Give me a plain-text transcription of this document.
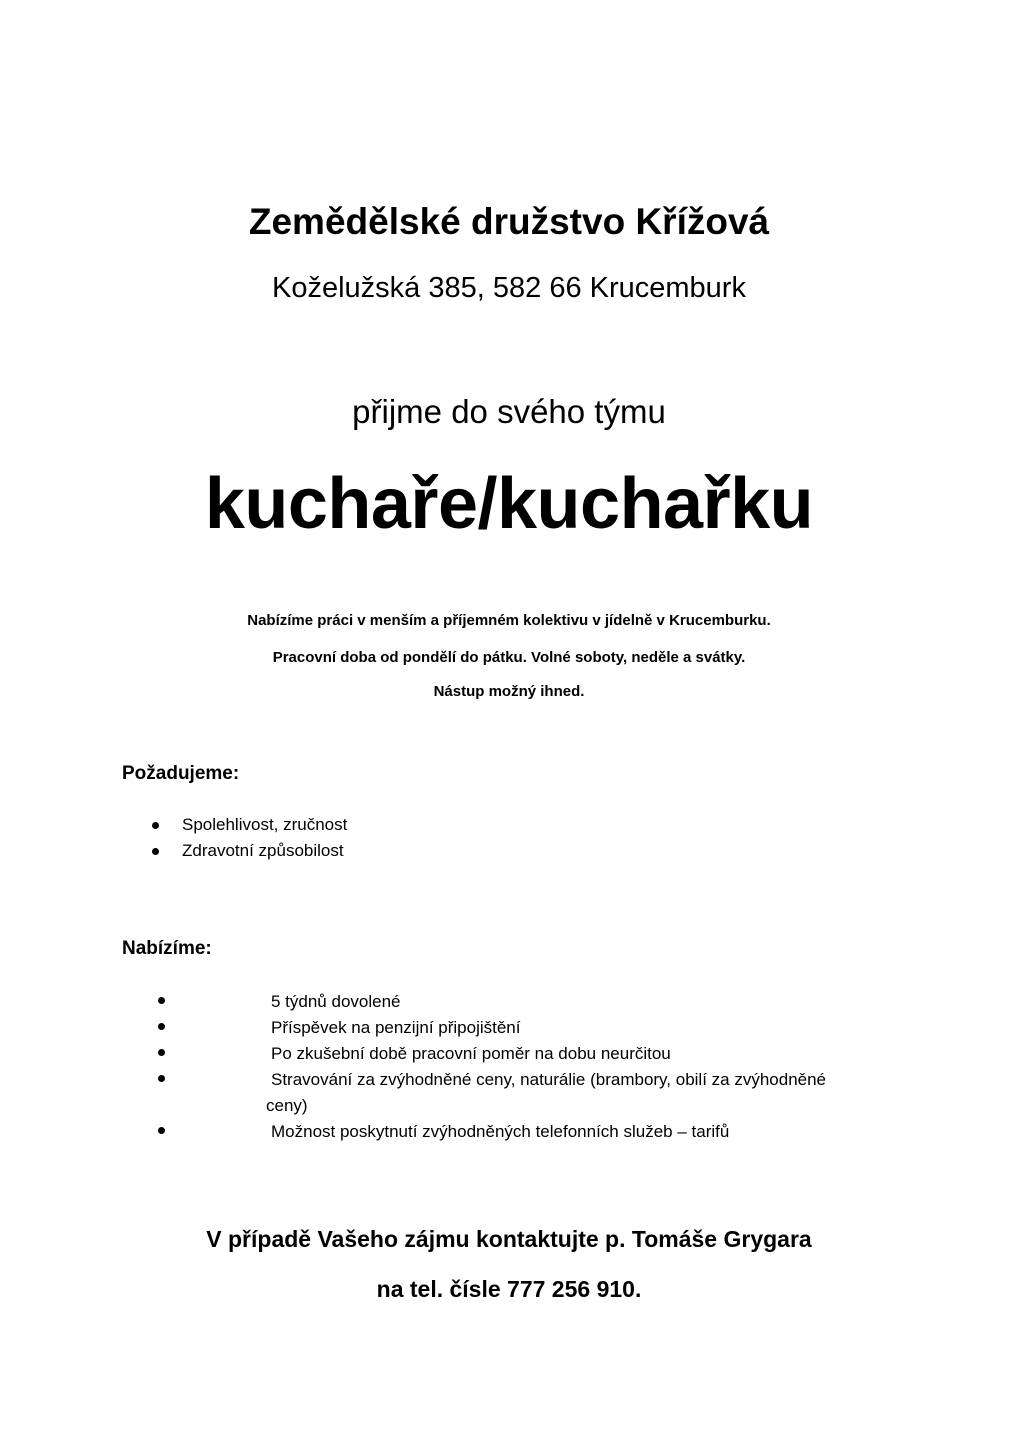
Zemědělské družstvo Křížová
Koželužská 385, 582 66 Krucemburk
přijme do svého týmu
kuchaře/kuchařku
Nabízíme práci v menším a příjemném kolektivu v jídelně v Krucemburku.
Pracovní doba od pondělí do pátku. Volné soboty, neděle a svátky.
Nástup možný ihned.
Požadujeme:
Spolehlivost, zručnost
Zdravotní způsobilost
Nabízíme:
5 týdnů dovolené
Příspěvek na penzijní připojištění
Po zkušební době pracovní poměr na dobu neurčitou
Stravování za zvýhodněné ceny, naturálie (brambory, obilí za zvýhodněné
ceny)
Možnost poskytnutí zvýhodněných telefonních služeb – tarifů
V případě Vašeho zájmu kontaktujte p. Tomáše Grygara
na tel. čísle 777 256 910.
